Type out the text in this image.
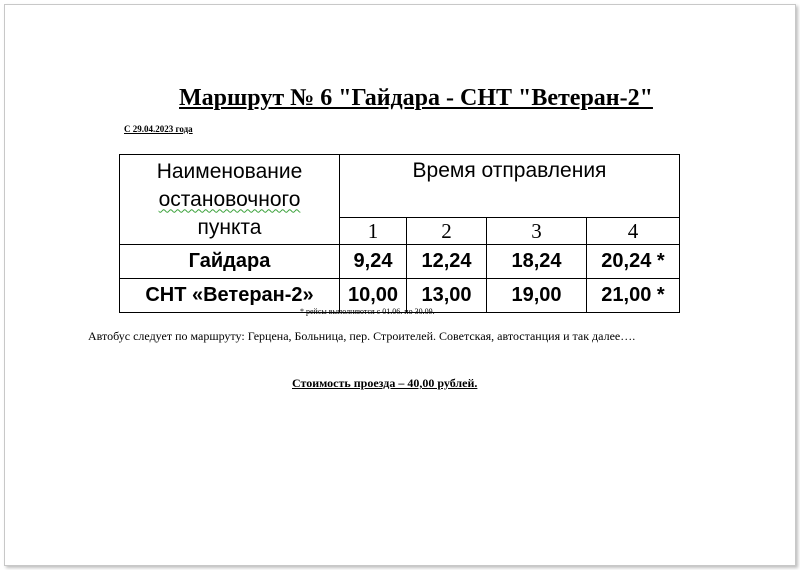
Маршрут № 6 "Гайдара - СНТ "Ветеран-2"
С 29.04.2023 года
Наименование
остановочного
пункта	Время отправления			
	1	2	3	4
Гайдара	9,24	12,24	18,24	20,24 *
СНТ «Ветеран-2»	10,00	13,00	19,00	21,00 *
* рейсы выполняются с 01.06. по 30.09.
Автобус следует по маршруту: Герцена, Больница, пер. Строителей. Советская, автостанция и так далее….
Стоимость проезда – 40,00 рублей.
